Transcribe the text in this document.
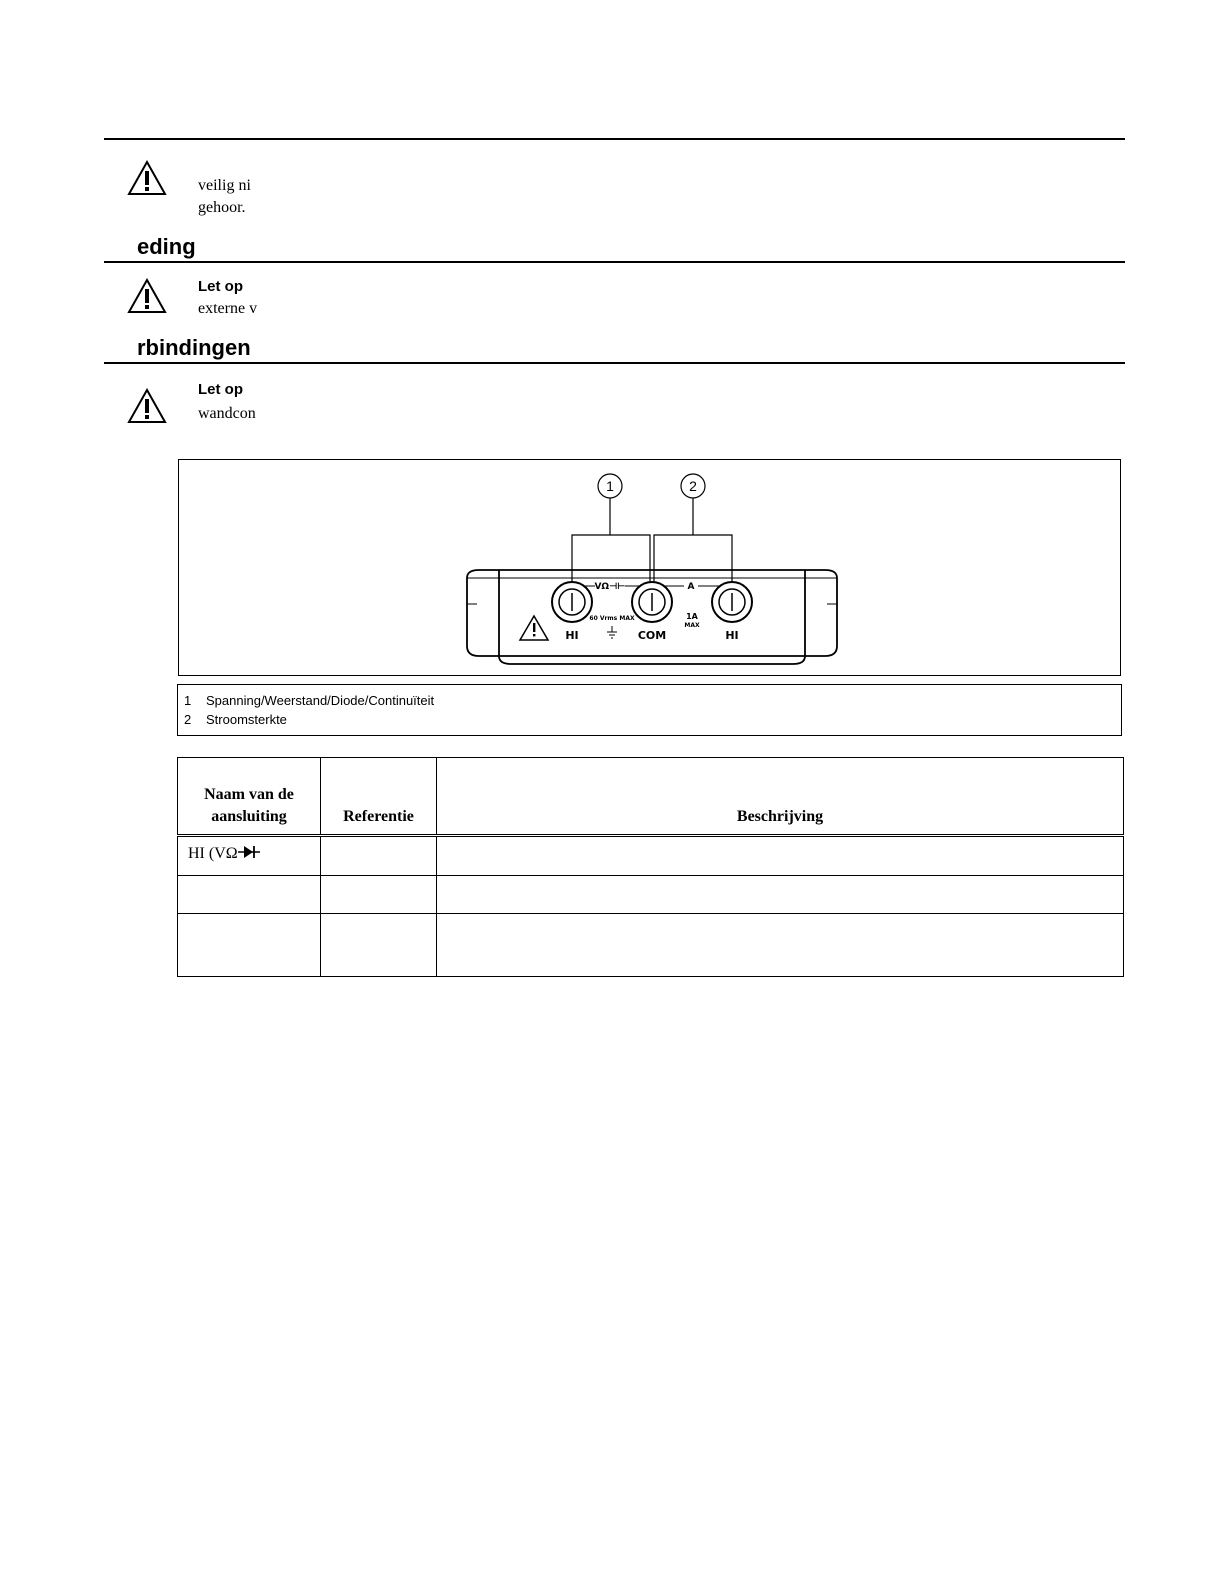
veilig ni
gehoor.
eding
Let op
externe v
rbindingen
Let op
wandcon
1	2
VΩ⊣⊢	A
60 Vrms MAX	1A
MAX
HI	COM	HI
1 Spanning/Weerstand/Diode/Continuïteit
2 Stroomsterkte
Naam van de
aansluiting	Referentie	Beschrijving
HI (VΩ		
